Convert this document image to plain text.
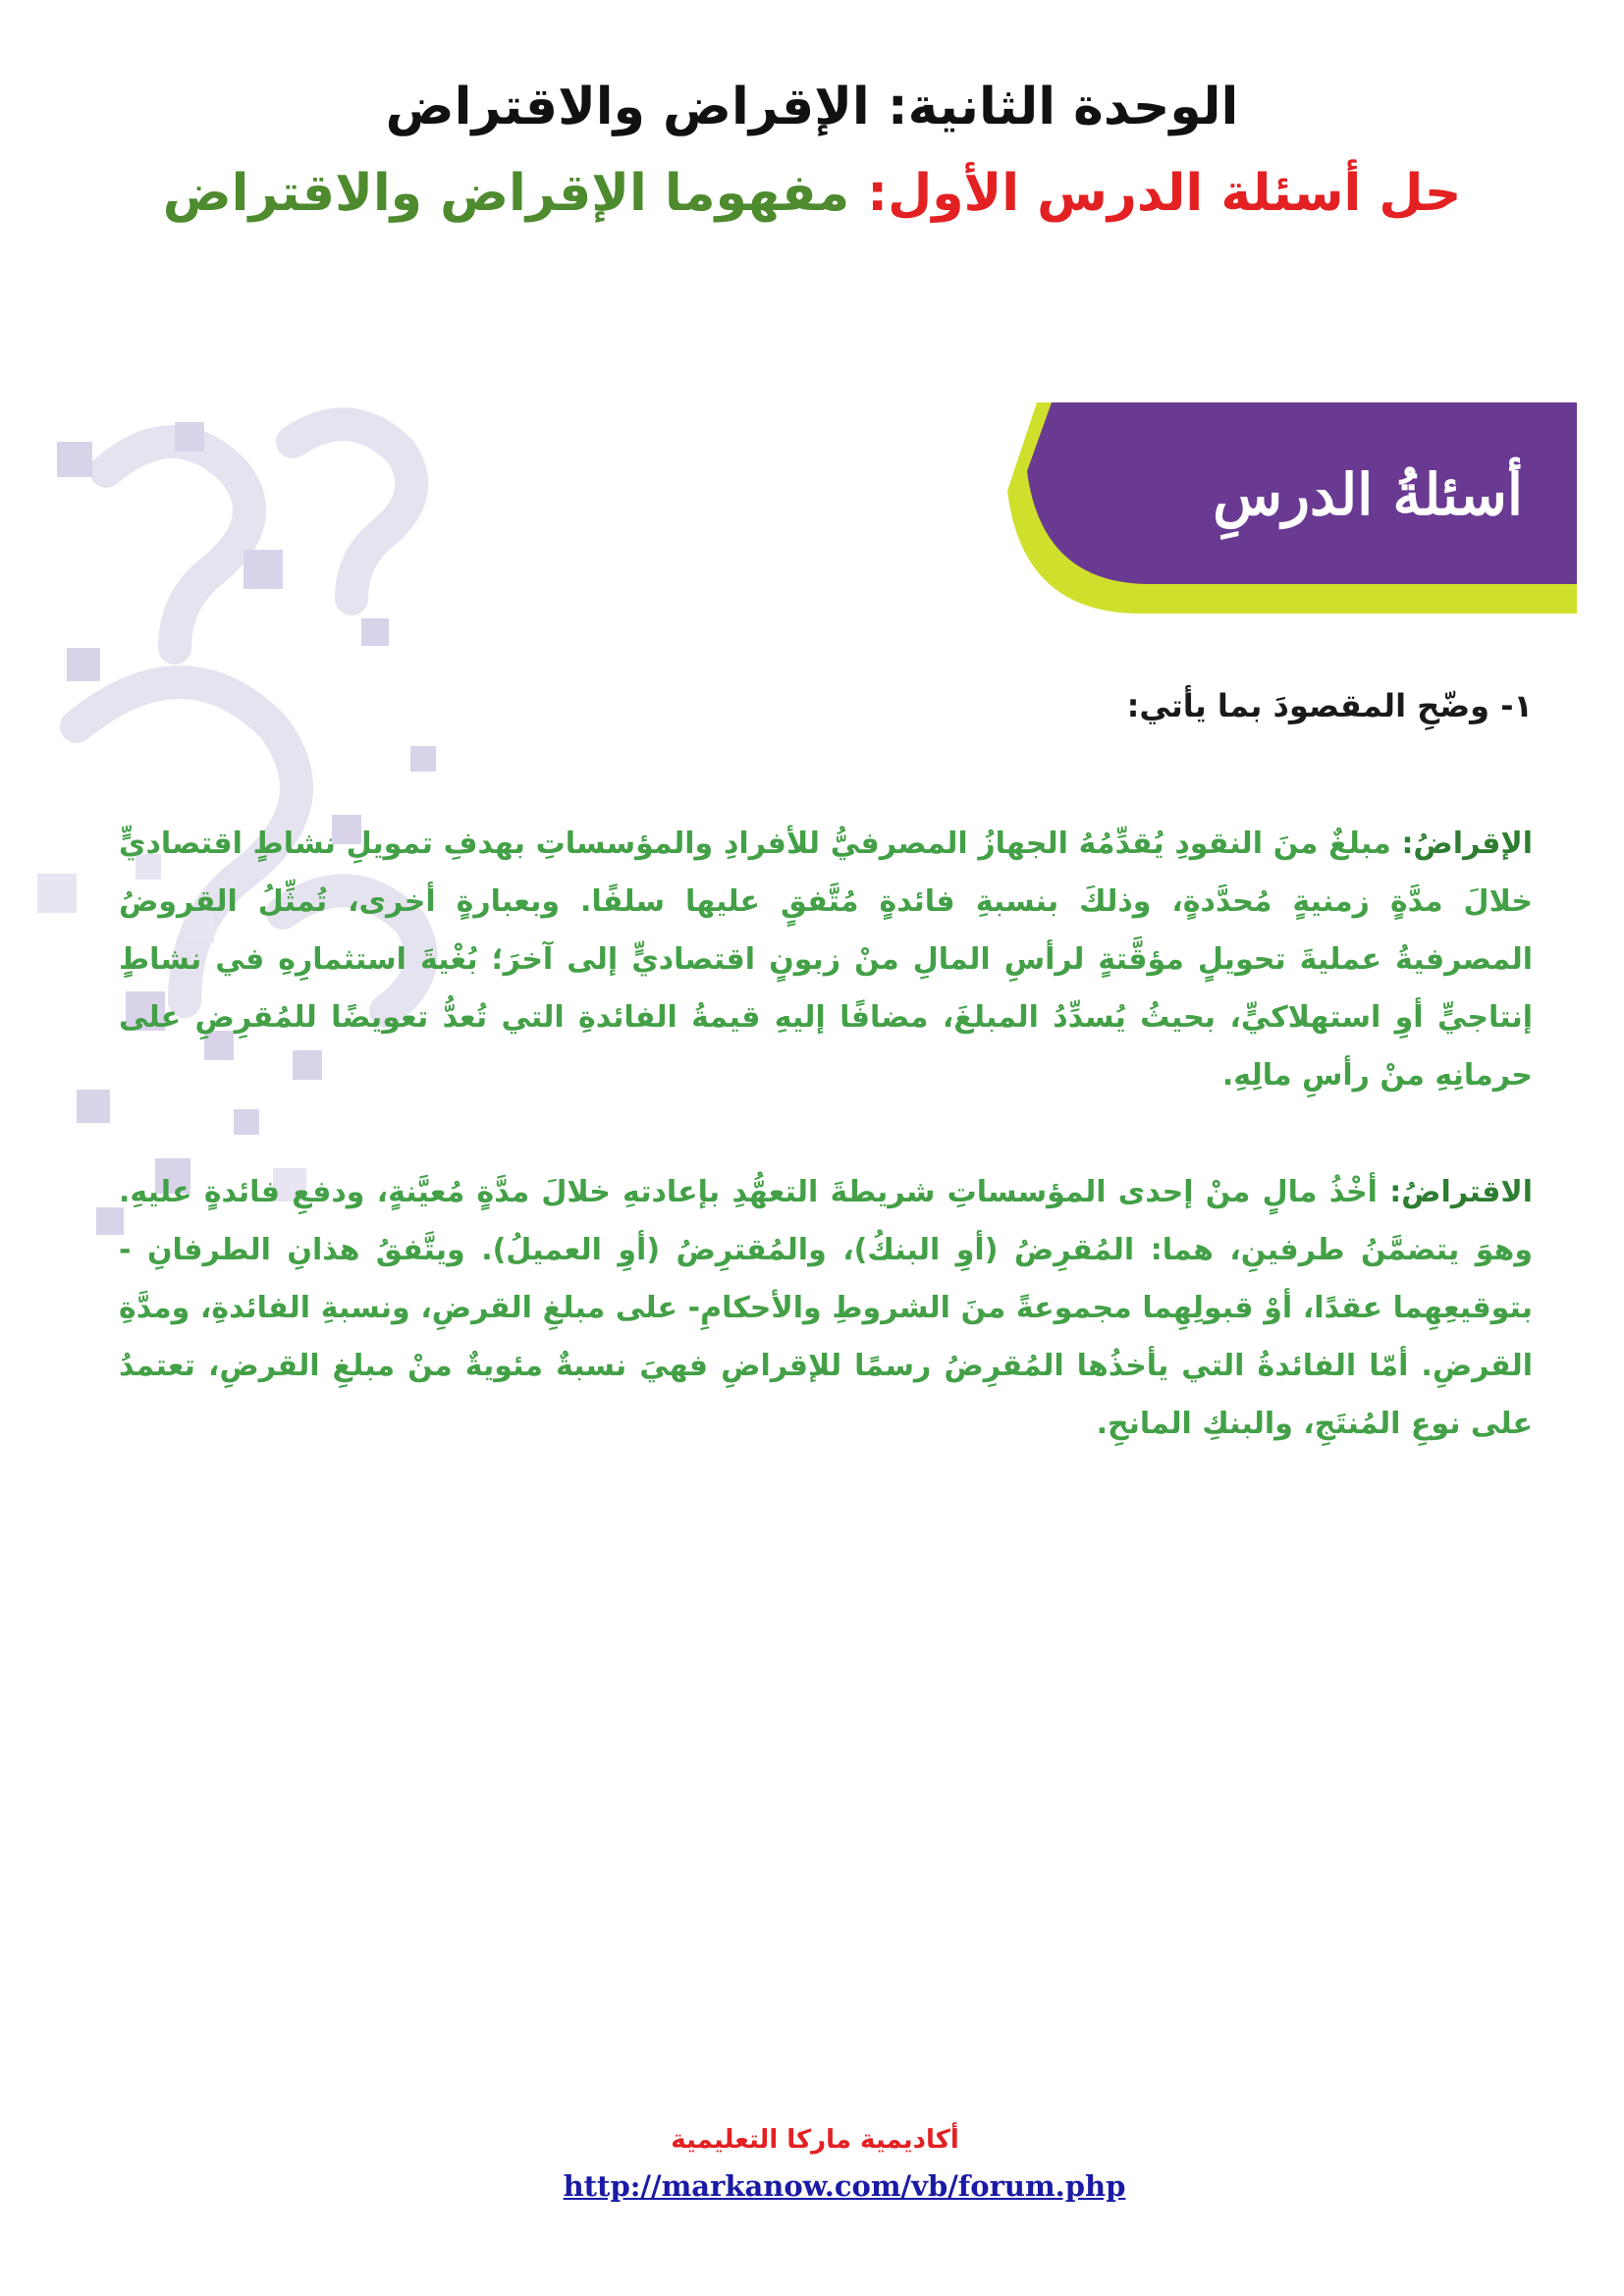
الوحدة الثانية: الإقراض والاقتراض
حل أسئلة الدرس الأول: مفهوما الإقراض والاقتراض
أسئلةُ الدرسِ
١- وضّحِ المقصودَ بما يأتي:

الإقراضُ: مبلغٌ منَ النقودِ يُقدِّمُهُ الجهازُ المصرفيُّ للأفرادِ والمؤسساتِ بهدفِ تمويلِ نشاطٍ اقتصاديٍّ خلالَ مدَّةٍ زمنيةٍ مُحدَّدةٍ، وذلكَ بنسبةِ فائدةٍ مُتَّفقٍ عليها سلفًا. وبعبارةٍ أخرى، تُمثِّلُ القروضُ المصرفيةُ عمليةَ تحويلٍ مؤقَّتةٍ لرأسِ المالِ منْ زبونٍ اقتصاديٍّ إلى آخرَ؛ بُغْيةَ استثمارِهِ في نشاطٍ إنتاجيٍّ أوِ استهلاكيٍّ، بحيثُ يُسدِّدُ المبلغَ، مضافًا إليهِ قيمةُ الفائدةِ التي تُعدُّ تعويضًا للمُقرِضِ على حرمانِهِ منْ رأسِ مالِهِ.

الاقتراضُ: أخْذُ مالٍ منْ إحدى المؤسساتِ شريطةَ التعهُّدِ بإعادتهِ خلالَ مدَّةٍ مُعيَّنةٍ، ودفعِ فائدةٍ عليهِ. وهوَ يتضمَّنُ طرفينِ، هما: المُقرِضُ (أوِ البنكُ)، والمُقترِضُ (أوِ العميلُ). ويتَّفقُ هذانِ الطرفانِ - بتوقيعِهِما عقدًا، أوْ قبولِهِما مجموعةً منَ الشروطِ والأحكامِ- على مبلغِ القرضِ، ونسبةِ الفائدةِ، ومدَّةِ القرضِ. أمّا الفائدةُ التي يأخذُها المُقرِضُ رسمًا للإقراضِ فهيَ نسبةٌ مئويةٌ منْ مبلغِ القرضِ، تعتمدُ على نوعِ المُنتَجِ، والبنكِ المانحِ.

أكاديمية ماركا التعليمية
http://markanow.com/vb/forum.php
